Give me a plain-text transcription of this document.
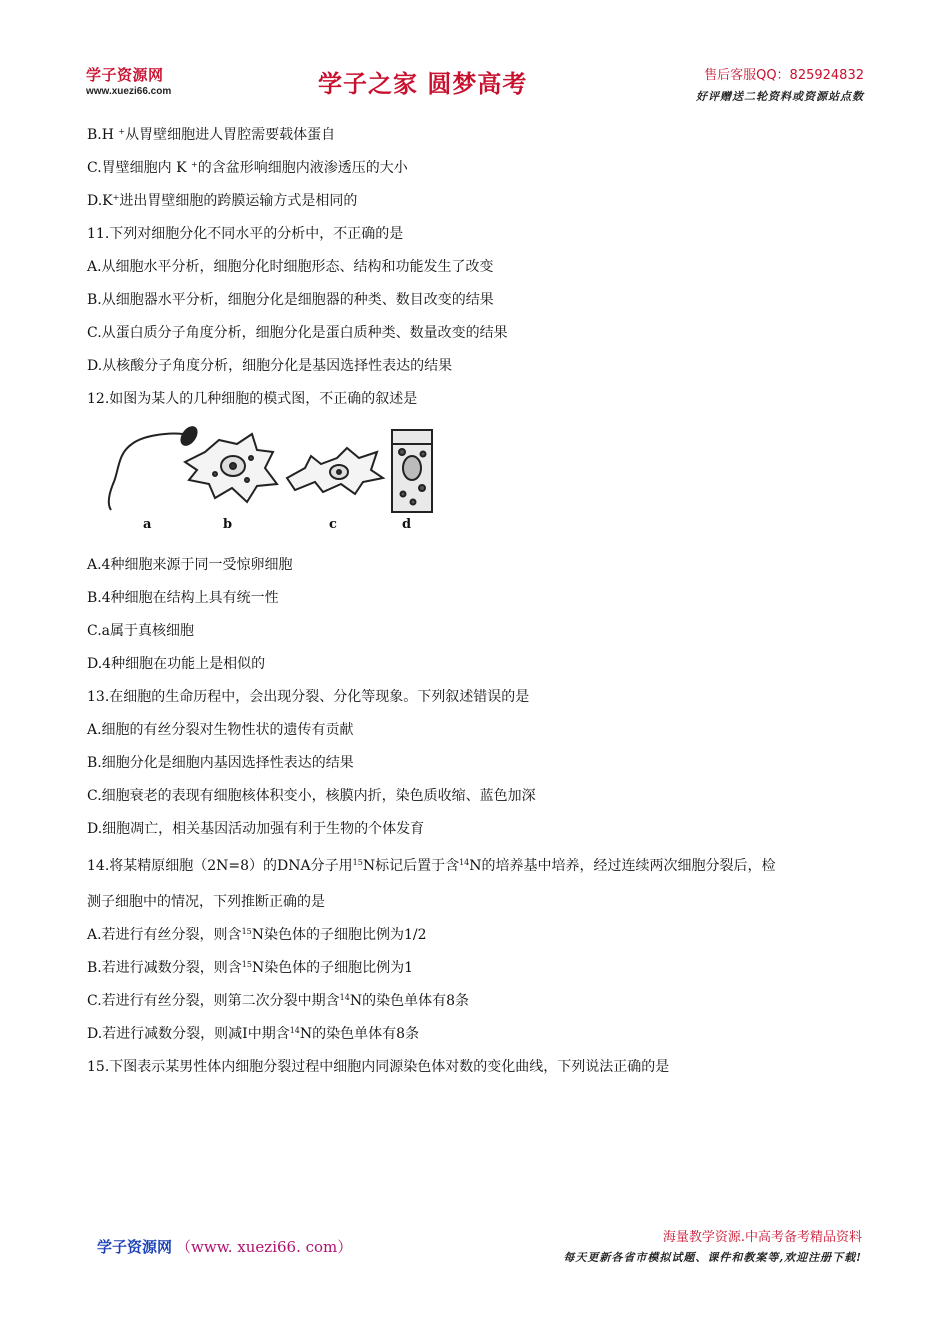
学子资源网
www.xuezi66.com	学子之家 圆梦高考	售后客服QQ：825924832
好评赠送二轮资料或资源站点数
B.H +从胃壁细胞进人胃腔需要载体蛋自
C.胃壁细胞内 K +的含盆形响细胞内液渗透压的大小
D.K+进出胃壁细胞的跨膜运输方式是相同的
11.下列对细胞分化不同水平的分析中，不正确的是
A.从细胞水平分析，细胞分化时细胞形态、结构和功能发生了改变
B.从细胞器水平分析，细胞分化是细胞器的种类、数目改变的结果
C.从蛋白质分子角度分析，细胞分化是蛋白质种类、数量改变的结果
D.从核酸分子角度分析，细胞分化是基因选择性表达的结果
12.如图为某人的几种细胞的模式图，不正确的叙述是
a	b	c	d
A.4种细胞来源于同一受惊卵细胞
B.4种细胞在结构上具有统一性
C.a属于真核细胞
D.4种细胞在功能上是相似的
13.在细胞的生命历程中，会出现分裂、分化等现象。下列叙述错误的是
A.细胞的有丝分裂对生物性状的遗传有贡献
B.细胞分化是细胞内基因选择性表达的结果
C.细胞衰老的表现有细胞核体积变小，核膜内折，染色质收缩、蓝色加深
D.细胞凋亡，相关基因活动加强有利于生物的个体发育
14.将某精原细胞（2N=8）的DNA分子用$^{15}$N标记后置于含$^{14}$N的培养基中培养，经过连续两次细胞分裂后，检
测子细胞中的情况，下列推断正确的是
A.若进行有丝分裂，则含$^{15}$N染色体的子细胞比例为1/2
B.若进行减数分裂，则含$^{15}$N染色体的子细胞比例为1
C.若进行有丝分裂，则第二次分裂中期含$^{14}$N的染色单体有8条
D.若进行减数分裂，则减Ⅰ中期含$^{14}$N的染色单体有8条
15.下图表示某男性体内细胞分裂过程中细胞内同源染色体对数的变化曲线，下列说法正确的是
学子资源网 （www. xuezi66. com）
海量教学资源.中高考备考精品资料
每天更新各省市模拟试题、课件和教案等,欢迎注册下载!
